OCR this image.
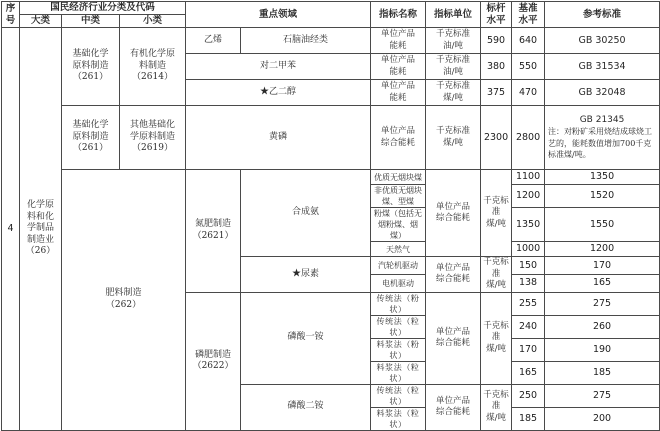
序
号	国民经济行业分类及代码			重点领域		指标名称	指标单位	标杆
水平	基准
水平	参考标准	
	大类	中类	小类								
4	化学原
料和化
学制品
制造业
（26）	基础化学
原料制造
（261）	有机化学原
料制造
（2614）	乙烯	石脑油经类	单位产品
能耗	千克标准
油/吨	590	640	GB 30250	
				对二甲苯		单位产品
能耗	千克标准
油/吨	380	550	GB 31534	
				★乙二醇		单位产品
能耗	千克标准
煤/吨	375	470	GB 32048	

		基础化学
原料制造
（261）	其他基础化
学原料制造
（2619）	黄磷		单位产品
综合能耗	千克标准
煤/吨	2300	2800	GB 21345
注：对粉矿采用烧结成球烧工艺的，能耗数值增加700千克标准煤/吨。	

		肥料制造
（262）		氮肥制造
（2621）	合成氨	优质无烟块煤	单位产品
综合能耗	千克标准
煤/吨	1100	1350	
						非优质无烟块煤、型煤			1200	1520	
						粉煤（包括无烟粉煤、烟煤）			1350	1550	
						天然气			1000	1200	
					★尿素	汽轮机驱动	单位产品
综合能耗	千克标准
煤/吨	150	170	
						电机驱动			138	165	

				磷肥制造
（2622）	磷酸一铵	传统法（粉状）	单位产品
综合能耗	千克标准
煤/吨	255	275	
						传统法（粒状）			240	260	
						料浆法（粉状）			170	190	
						料浆法（粒状）			165	185	
					磷酸二铵	传统法（粒状）	单位产品
综合能耗	千克标准
煤/吨	250	275	
						料浆法（粒状）			185	200	
